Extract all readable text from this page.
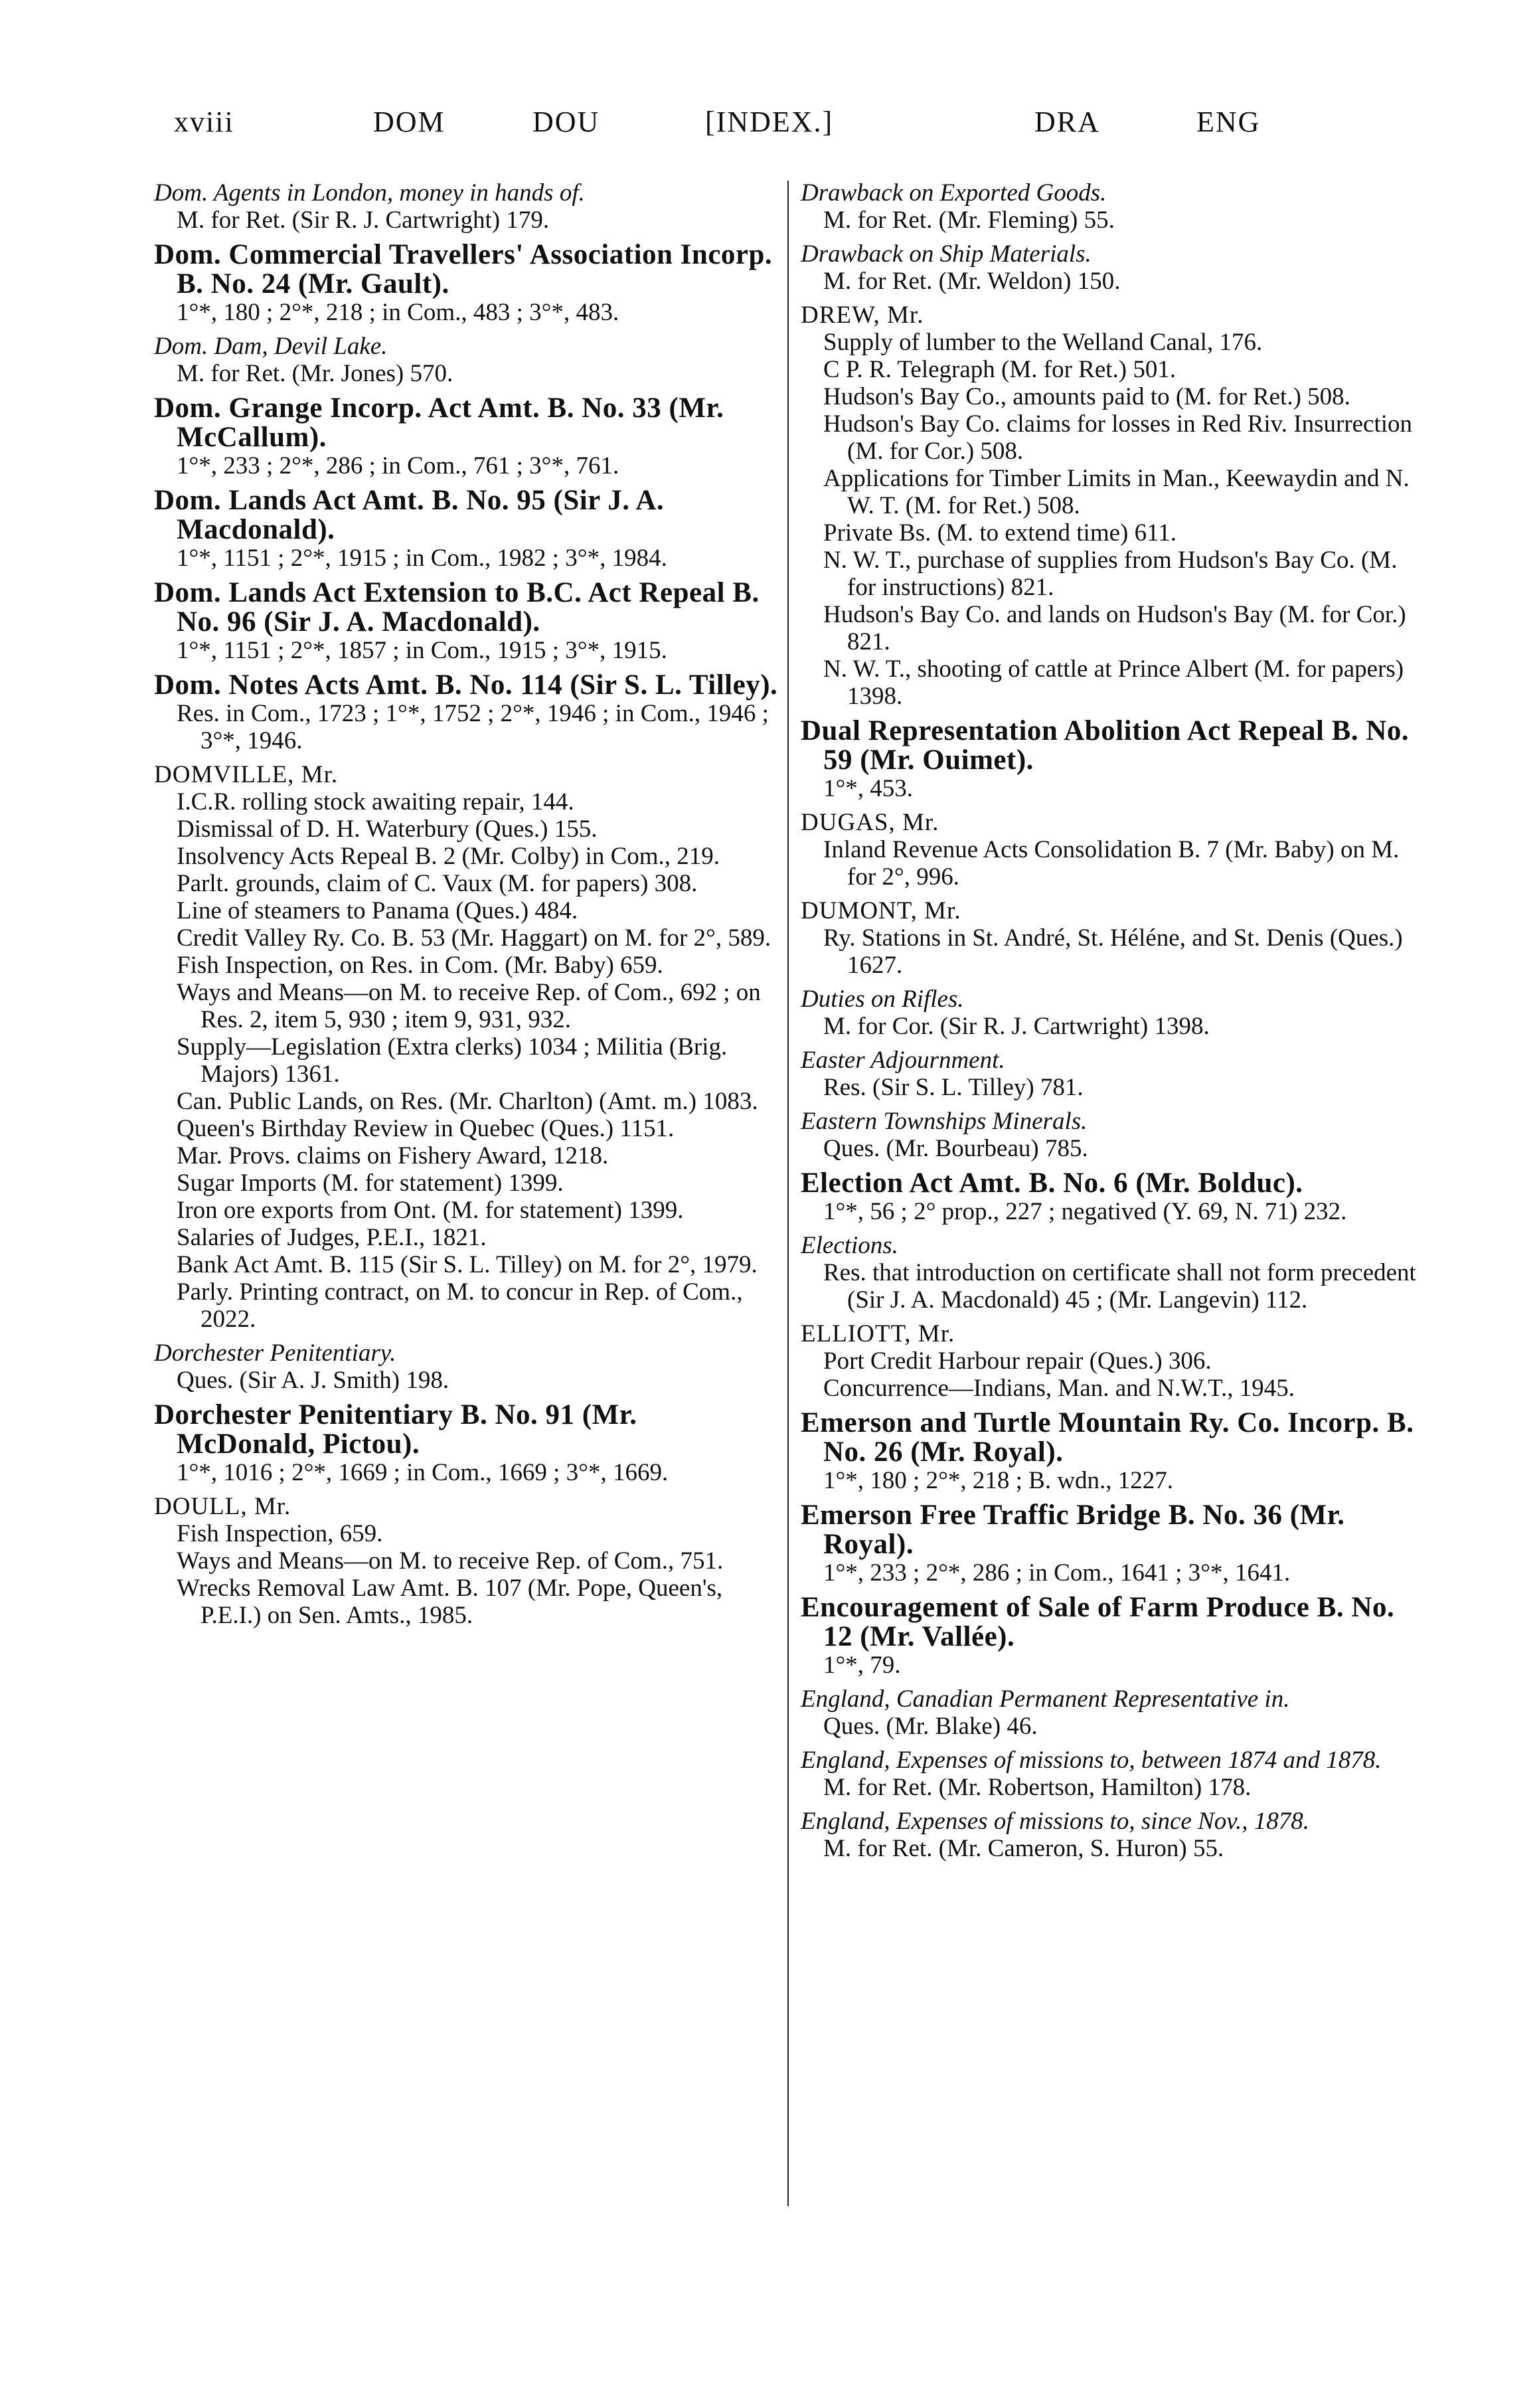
xviii	DOM	DOU	[INDEX.]	DRA	ENG

Dom. Agents in London, money in hands of.

M. for Ret. (Sir R. J. Cartwright) 179.

Dom. Commercial Travellers' Association Incorp. B. No. 24 (Mr. Gault).

1°*, 180 ; 2°*, 218 ; in Com., 483 ; 3°*, 483.

Dom. Dam, Devil Lake.

M. for Ret. (Mr. Jones) 570.

Dom. Grange Incorp. Act Amt. B. No. 33 (Mr. McCallum).

1°*, 233 ; 2°*, 286 ; in Com., 761 ; 3°*, 761.

Dom. Lands Act Amt. B. No. 95 (Sir J. A. Macdonald).

1°*, 1151 ; 2°*, 1915 ; in Com., 1982 ; 3°*, 1984.

Dom. Lands Act Extension to B.C. Act Repeal B. No. 96 (Sir J. A. Macdonald).

1°*, 1151 ; 2°*, 1857 ; in Com., 1915 ; 3°*, 1915.

Dom. Notes Acts Amt. B. No. 114 (Sir S. L. Tilley).

Res. in Com., 1723 ; 1°*, 1752 ; 2°*, 1946 ; in Com., 1946 ; 3°*, 1946.

DOMVILLE, Mr.

I.C.R. rolling stock awaiting repair, 144.

Dismissal of D. H. Waterbury (Ques.) 155.

Insolvency Acts Repeal B. 2 (Mr. Colby) in Com., 219.

Parlt. grounds, claim of C. Vaux (M. for papers) 308.

Line of steamers to Panama (Ques.) 484.

Credit Valley Ry. Co. B. 53 (Mr. Haggart) on M. for 2°, 589.

Fish Inspection, on Res. in Com. (Mr. Baby) 659.

Ways and Means—on M. to receive Rep. of Com., 692 ; on Res. 2, item 5, 930 ; item 9, 931, 932.

Supply—Legislation (Extra clerks) 1034 ; Militia (Brig. Majors) 1361.

Can. Public Lands, on Res. (Mr. Charlton) (Amt. m.) 1083.

Queen's Birthday Review in Quebec (Ques.) 1151.

Mar. Provs. claims on Fishery Award, 1218.

Sugar Imports (M. for statement) 1399.

Iron ore exports from Ont. (M. for statement) 1399.

Salaries of Judges, P.E.I., 1821.

Bank Act Amt. B. 115 (Sir S. L. Tilley) on M. for 2°, 1979.

Parly. Printing contract, on M. to concur in Rep. of Com., 2022.

Dorchester Penitentiary.

Ques. (Sir A. J. Smith) 198.

Dorchester Penitentiary B. No. 91 (Mr. McDonald, Pictou).

1°*, 1016 ; 2°*, 1669 ; in Com., 1669 ; 3°*, 1669.

DOULL, Mr.

Fish Inspection, 659.

Ways and Means—on M. to receive Rep. of Com., 751.

Wrecks Removal Law Amt. B. 107 (Mr. Pope, Queen's, P.E.I.) on Sen. Amts., 1985.

Drawback on Exported Goods.

M. for Ret. (Mr. Fleming) 55.

Drawback on Ship Materials.

M. for Ret. (Mr. Weldon) 150.

DREW, Mr.

Supply of lumber to the Welland Canal, 176.

C P. R. Telegraph (M. for Ret.) 501.

Hudson's Bay Co., amounts paid to (M. for Ret.) 508.

Hudson's Bay Co. claims for losses in Red Riv. Insurrection (M. for Cor.) 508.

Applications for Timber Limits in Man., Keewaydin and N. W. T. (M. for Ret.) 508.

Private Bs. (M. to extend time) 611.

N. W. T., purchase of supplies from Hudson's Bay Co. (M. for instructions) 821.

Hudson's Bay Co. and lands on Hudson's Bay (M. for Cor.) 821.

N. W. T., shooting of cattle at Prince Albert (M. for papers) 1398.

Dual Representation Abolition Act Repeal B. No. 59 (Mr. Ouimet).

1°*, 453.

DUGAS, Mr.

Inland Revenue Acts Consolidation B. 7 (Mr. Baby) on M. for 2°, 996.

DUMONT, Mr.

Ry. Stations in St. André, St. Héléne, and St. Denis (Ques.) 1627.

Duties on Rifles.

M. for Cor. (Sir R. J. Cartwright) 1398.

Easter Adjournment.

Res. (Sir S. L. Tilley) 781.

Eastern Townships Minerals.

Ques. (Mr. Bourbeau) 785.

Election Act Amt. B. No. 6 (Mr. Bolduc).

1°*, 56 ; 2° prop., 227 ; negatived (Y. 69, N. 71) 232.

Elections.

Res. that introduction on certificate shall not form precedent (Sir J. A. Macdonald) 45 ; (Mr. Langevin) 112.

ELLIOTT, Mr.

Port Credit Harbour repair (Ques.) 306.

Concurrence—Indians, Man. and N.W.T., 1945.

Emerson and Turtle Mountain Ry. Co. Incorp. B. No. 26 (Mr. Royal).

1°*, 180 ; 2°*, 218 ; B. wdn., 1227.

Emerson Free Traffic Bridge B. No. 36 (Mr. Royal).

1°*, 233 ; 2°*, 286 ; in Com., 1641 ; 3°*, 1641.

Encouragement of Sale of Farm Produce B. No. 12 (Mr. Vallée).

1°*, 79.

England, Canadian Permanent Representative in.

Ques. (Mr. Blake) 46.

England, Expenses of missions to, between 1874 and 1878.

M. for Ret. (Mr. Robertson, Hamilton) 178.

England, Expenses of missions to, since Nov., 1878.

M. for Ret. (Mr. Cameron, S. Huron) 55.
